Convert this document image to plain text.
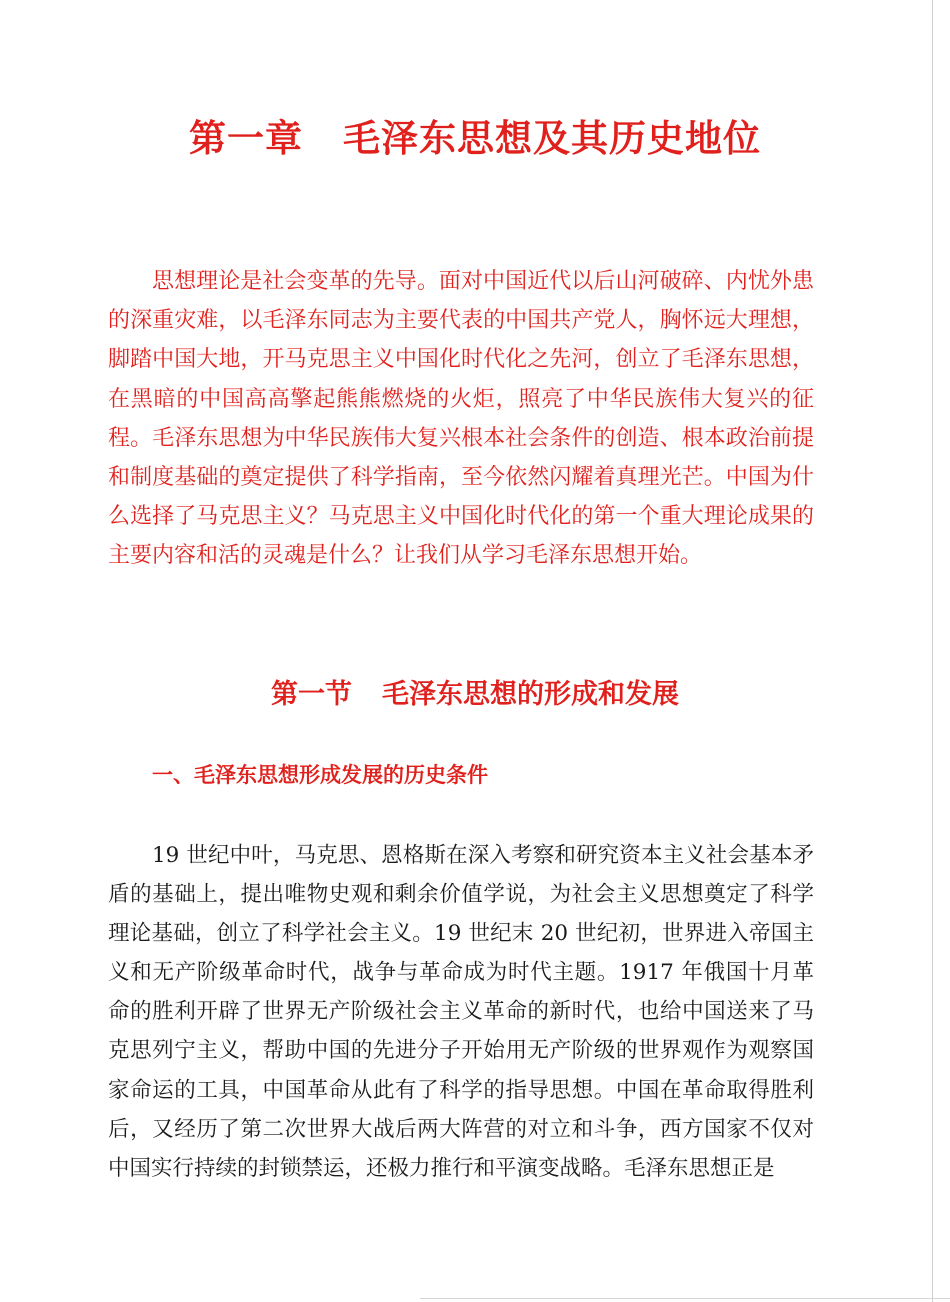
第一章 毛泽东思想及其历史地位

思想理论是社会变革的先导。面对中国近代以后山河破碎、内忧外患的深重灾难，以毛泽东同志为主要代表的中国共产党人，胸怀远大理想，脚踏中国大地，开马克思主义中国化时代化之先河，创立了毛泽东思想，在黑暗的中国高高擎起熊熊燃烧的火炬，照亮了中华民族伟大复兴的征程。毛泽东思想为中华民族伟大复兴根本社会条件的创造、根本政治前提和制度基础的奠定提供了科学指南，至今依然闪耀着真理光芒。中国为什么选择了马克思主义？马克思主义中国化时代化的第一个重大理论成果的主要内容和活的灵魂是什么？让我们从学习毛泽东思想开始。

第一节 毛泽东思想的形成和发展
一、毛泽东思想形成发展的历史条件

19 世纪中叶，马克思、恩格斯在深入考察和研究资本主义社会基本矛盾的基础上，提出唯物史观和剩余价值学说，为社会主义思想奠定了科学理论基础，创立了科学社会主义。19 世纪末 20 世纪初，世界进入帝国主义和无产阶级革命时代，战争与革命成为时代主题。1917 年俄国十月革命的胜利开辟了世界无产阶级社会主义革命的新时代，也给中国送来了马克思列宁主义，帮助中国的先进分子开始用无产阶级的世界观作为观察国家命运的工具，中国革命从此有了科学的指导思想。中国在革命取得胜利后，又经历了第二次世界大战后两大阵营的对立和斗争，西方国家不仅对中国实行持续的封锁禁运，还极力推行和平演变战略。毛泽东思想正是
